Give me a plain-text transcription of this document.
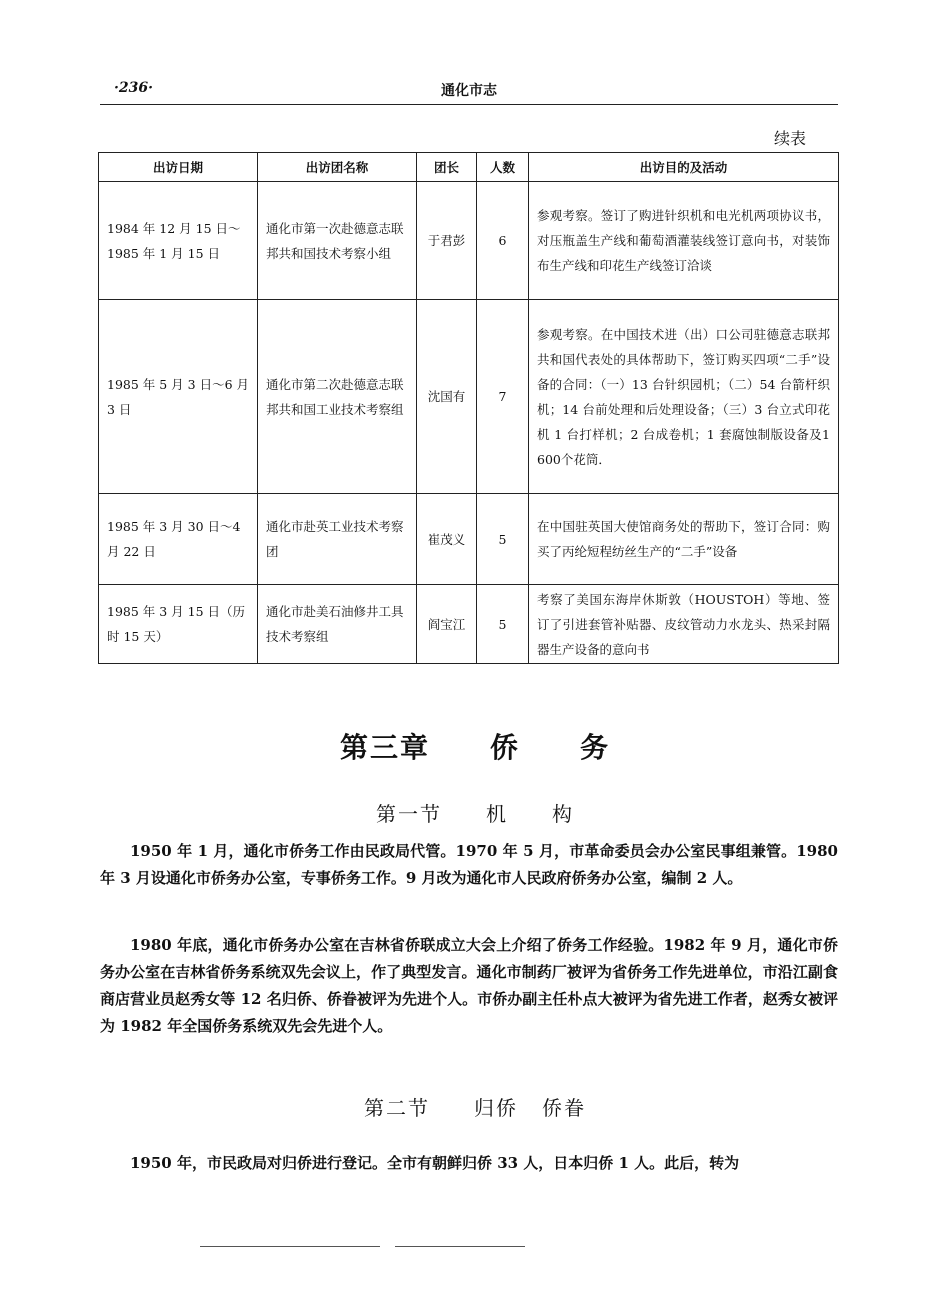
·236·	通化市志
续表
出访日期	出访团名称	团长	人数	出访目的及活动
1984 年 12 月 15 日～1985 年 1 月 15 日	通化市第一次赴德意志联邦共和国技术考察小组	于君彭	6	参观考察。签订了购进针织机和电光机两项协议书，对压瓶盖生产线和葡萄酒灌装线签订意向书，对装饰布生产线和印花生产线签订洽谈
1985 年 5 月 3 日～6 月 3 日	通化市第二次赴德意志联邦共和国工业技术考察组	沈国有	7	参观考察。在中国技术进（出）口公司驻德意志联邦共和国代表处的具体帮助下，签订购买四项“二手”设备的合同：（一）13 台针织园机；（二）54 台箭杆织机；14 台前处理和后处理设备；（三）3 台立式印花机 1 台打样机；2 台成卷机；1 套腐蚀制版设备及1 600个花筒．
1985 年 3 月 30 日～4 月 22 日	通化市赴英工业技术考察团	崔茂义	5	在中国驻英国大使馆商务处的帮助下，签订合同：购买了丙纶短程纺丝生产的“二手”设备
1985 年 3 月 15 日（历时 15 天）	通化市赴美石油修井工具技术考察组	阎宝江	5	考察了美国东海岸休斯敦（HOUSTOH）等地、签订了引进套管补贴器、皮纹管动力水龙头、热采封隔器生产设备的意向书
第三章 侨 务
第一节 机 构

1950 年 1 月，通化市侨务工作由民政局代管。1970 年 5 月，市革命委员会办公室民事组兼管。1980 年 3 月设通化市侨务办公室，专事侨务工作。9 月改为通化市人民政府侨务办公室，编制 2 人。

1980 年底，通化市侨务办公室在吉林省侨联成立大会上介绍了侨务工作经验。1982 年 9 月，通化市侨务办公室在吉林省侨务系统双先会议上，作了典型发言。通化市制药厂被评为省侨务工作先进单位，市沿江副食商店营业员赵秀女等 12 名归侨、侨眷被评为先进个人。市侨办副主任朴点大被评为省先进工作者，赵秀女被评为 1982 年全国侨务系统双先会先进个人。

第二节 归侨 侨眷

1950 年，市民政局对归侨进行登记。全市有朝鲜归侨 33 人，日本归侨 1 人。此后，转为
